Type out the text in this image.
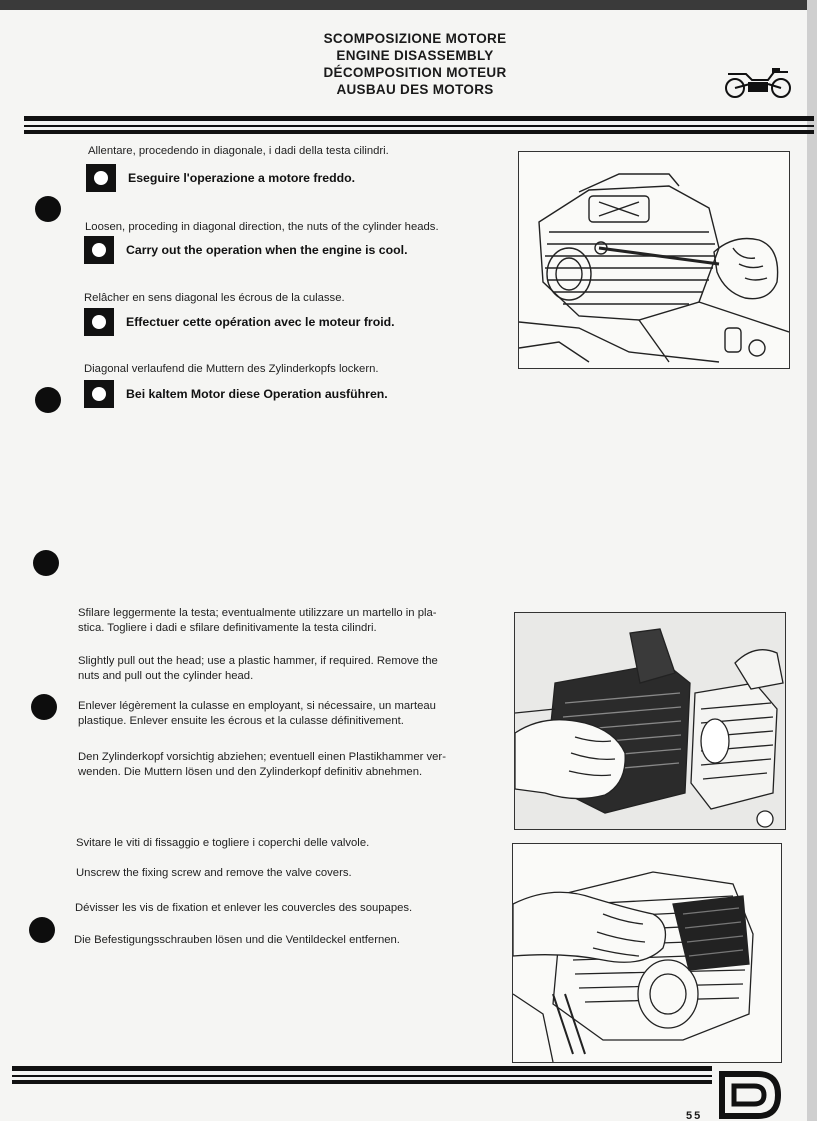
SCOMPOSIZIONE MOTORE
ENGINE DISASSEMBLY
DÉCOMPOSITION MOTEUR
AUSBAU DES MOTORS
Allentare, procedendo in diagonale, i dadi della testa cilindri.
Eseguire l'operazione a motore freddo.
Loosen, proceding in diagonal direction, the nuts of the cylinder heads.
Carry out the operation when the engine is cool.
Relâcher en sens diagonal les écrous de la culasse.
Effectuer cette opération avec le moteur froid.
Diagonal verlaufend die Muttern des Zylinderkopfs lockern.
Bei kaltem Motor diese Operation ausführen.
Sfilare leggermente la testa; eventualmente utilizzare un martello in pla-
stica. Togliere i dadi e sfilare definitivamente la testa cilindri.
Slightly pull out the head; use a plastic hammer, if required. Remove the
nuts and pull out the cylinder head.
Enlever légèrement la culasse en employant, si nécessaire, un marteau
plastique. Enlever ensuite les écrous et la culasse définitivement.
Den Zylinderkopf vorsichtig abziehen; eventuell einen Plastikhammer ver-
wenden. Die Muttern lösen und den Zylinderkopf definitiv abnehmen.
Svitare le viti di fissaggio e togliere i coperchi delle valvole.
Unscrew the fixing screw and remove the valve covers.
Dévisser les vis de fixation et enlever les couvercles des soupapes.
Die Befestigungsschrauben lösen und die Ventildeckel entfernen.
55
